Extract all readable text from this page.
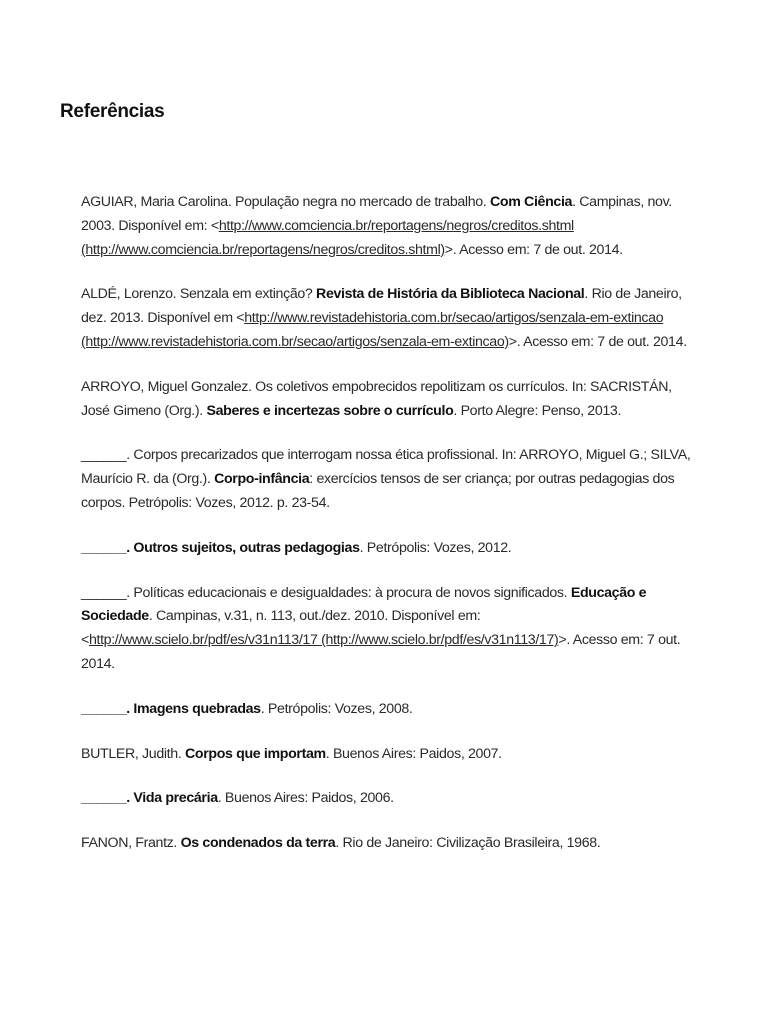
Referências

AGUIAR, Maria Carolina. População negra no mercado de trabalho. Com Ciência. Campinas, nov. 2003. Disponível em: <http://www.comciencia.br/reportagens/negros/creditos.shtml (http://www.comciencia.br/reportagens/negros/creditos.shtml)>. Acesso em: 7 de out. 2014.

ALDÉ, Lorenzo. Senzala em extinção? Revista de História da Biblioteca Nacional. Rio de Janeiro, dez. 2013. Disponível em <http://www.revistadehistoria.com.br/secao/artigos/senzala-em-extincao (http://www.revistadehistoria.com.br/secao/artigos/senzala-em-extincao)>. Acesso em: 7 de out. 2014.

ARROYO, Miguel Gonzalez. Os coletivos empobrecidos repolitizam os currículos. In: SACRISTÁN, José Gimeno (Org.). Saberes e incertezas sobre o currículo. Porto Alegre: Penso, 2013.

______. Corpos precarizados que interrogam nossa ética profissional. In: ARROYO, Miguel G.; SILVA, Maurício R. da (Org.). Corpo-infância: exercícios tensos de ser criança; por outras pedagogias dos corpos. Petrópolis: Vozes, 2012. p. 23-54.

______. Outros sujeitos, outras pedagogias. Petrópolis: Vozes, 2012.

______. Políticas educacionais e desigualdades: à procura de novos significados. Educação e Sociedade. Campinas, v.31, n. 113, out./dez. 2010. Disponível em: <http://www.scielo.br/pdf/es/v31n113/17 (http://www.scielo.br/pdf/es/v31n113/17)>. Acesso em: 7 out. 2014.

______. Imagens quebradas. Petrópolis: Vozes, 2008.

BUTLER, Judith. Corpos que importam. Buenos Aires: Paidos, 2007.

______. Vida precária. Buenos Aires: Paidos, 2006.

FANON, Frantz. Os condenados da terra. Rio de Janeiro: Civilização Brasileira, 1968.
